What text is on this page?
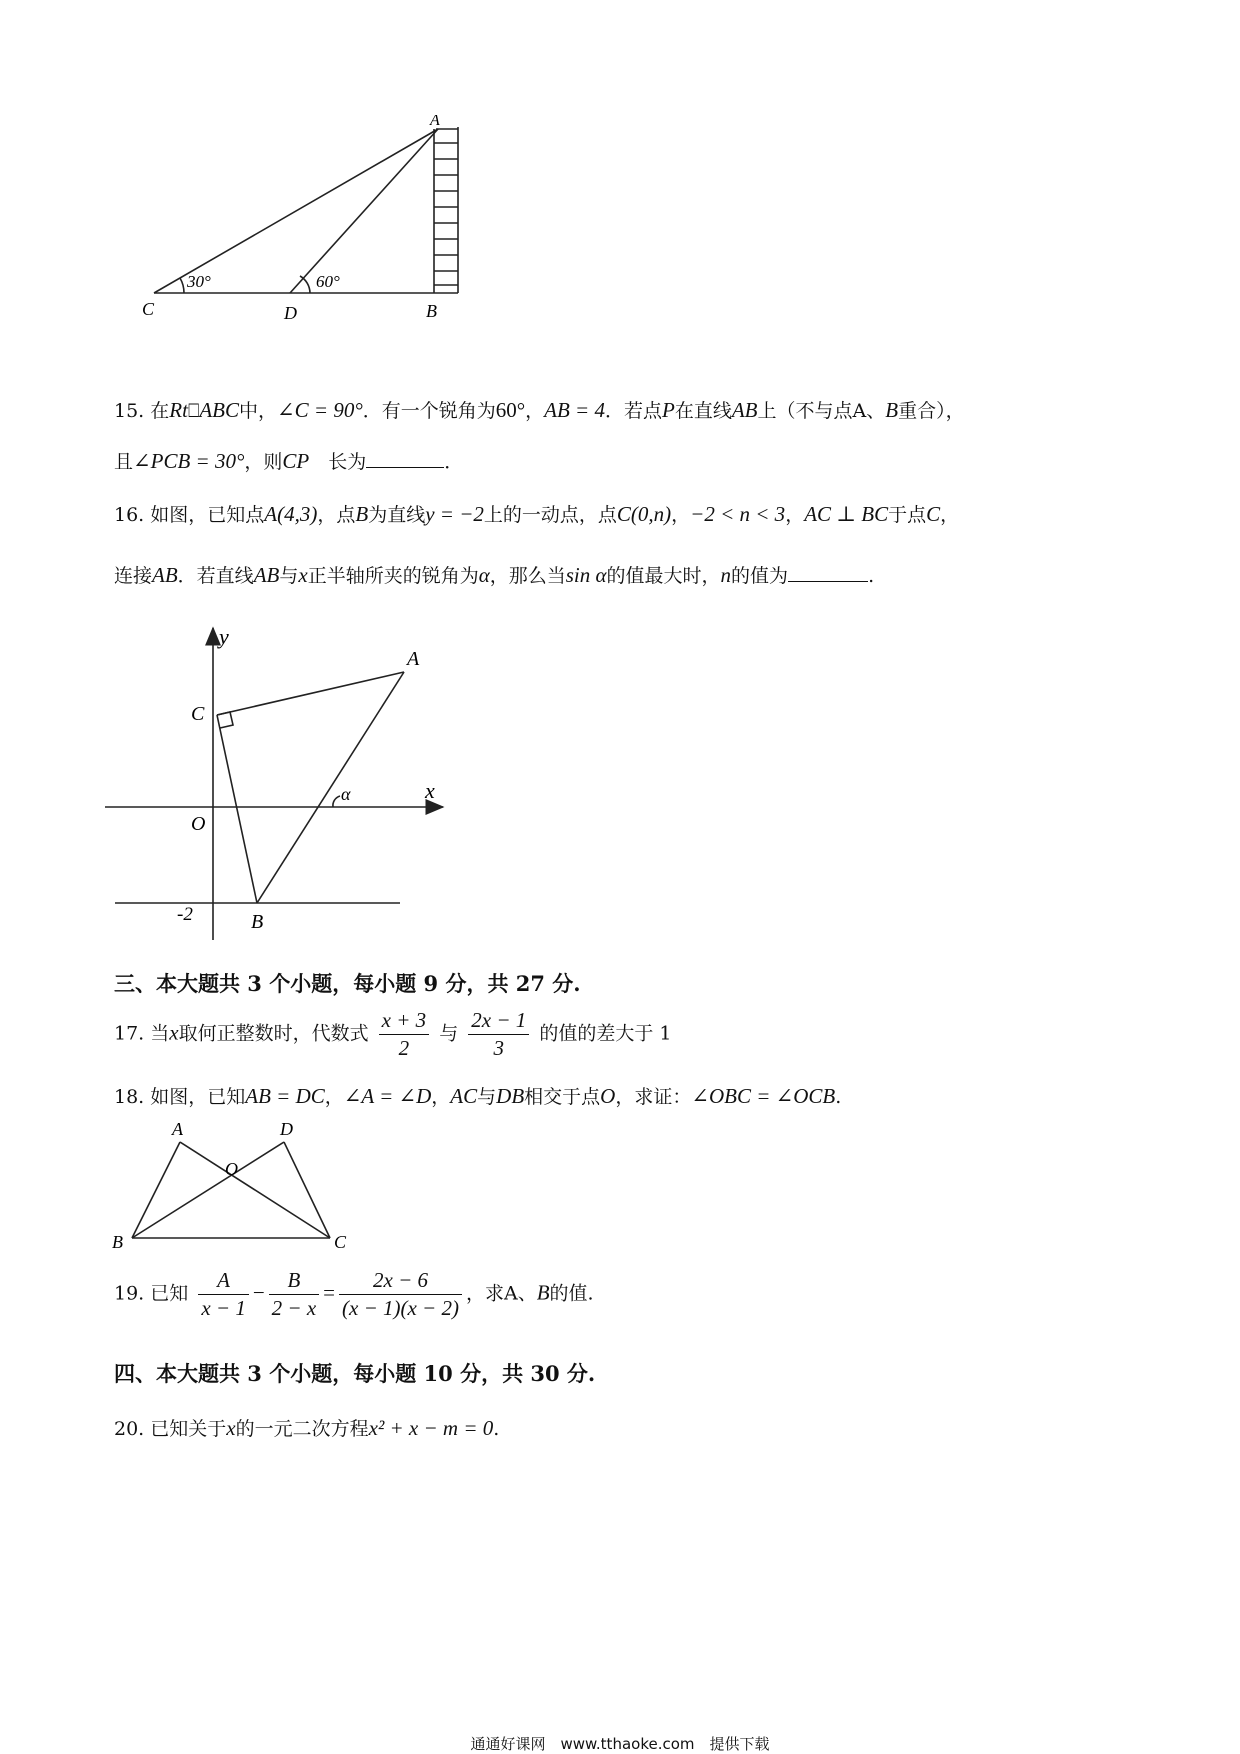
30°	60°
A
C	D	B
15. 在Rt⎕ABC中，∠C = 90°．有一个锐角为60°，AB = 4．若点P在直线AB上（不与点A、B重合），
且∠PCB = 30°，则CP　长为	．
16. 如图，已知点A(4,3)，点B为直线y = −2上的一动点，点C(0,n)，−2 < n < 3，AC ⊥ BC于点C，
连接AB．若直线AB与x正半轴所夹的锐角为α，那么当sin α的值最大时，n的值为	.
y
x
A
C
O
α
-2	B
三、本大题共 3 个小题，每小题 9 分，共 27 分.
17. 当x取何正整数时，代数式 $\frac{x + 3}{2}$ 与 $\frac{2x - 1}{3}$ 的值的差大于 1
18. 如图，已知AB = DC，∠A = ∠D，AC与DB相交于点O，求证：∠OBC = ∠OCB.
A	D
O
B	C
19. 已知 $\frac{A}{x - 1} - \frac{B}{2 - x} = \frac{2x - 6}{(x - 1)(x - 2)}$ ，求A、B的值.
四、本大题共 3 个小题，每小题 10 分，共 30 分.
20. 已知关于x的一元二次方程x² + x − m = 0.
通通好课网　www.tthaoke.com　提供下载
